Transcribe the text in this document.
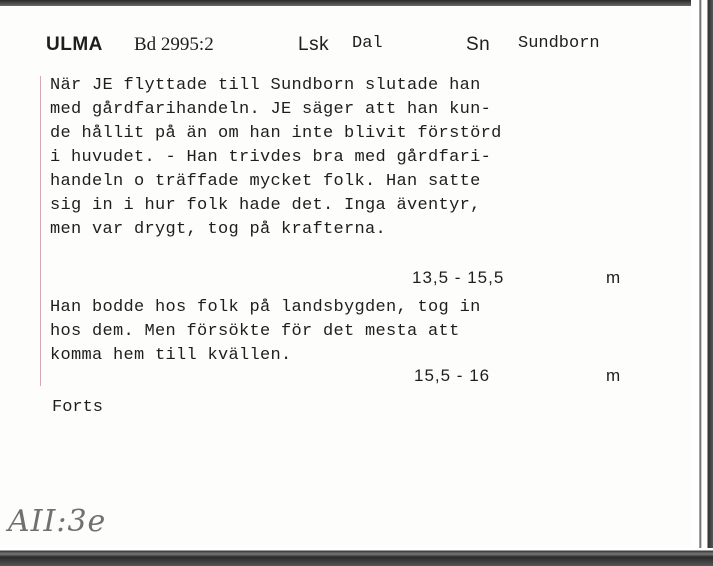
ULMA Bd 2995:2	Lsk Dal	Sn Sundborn
När JE flyttade till Sundborn slutade han
med gårdfarihandeln. JE säger att han kun-
de hållit på än om han inte blivit förstörd
i huvudet. - Han trivdes bra med gårdfari-
handeln o träffade mycket folk. Han satte
sig in i hur folk hade det. Inga äventyr,
men var drygt, tog på krafterna.
13,5 - 15,5	m
Han bodde hos folk på landsbygden, tog in
hos dem. Men försökte för det mesta att
komma hem till kvällen.
15,5 - 16	m
Forts
AII:3e
